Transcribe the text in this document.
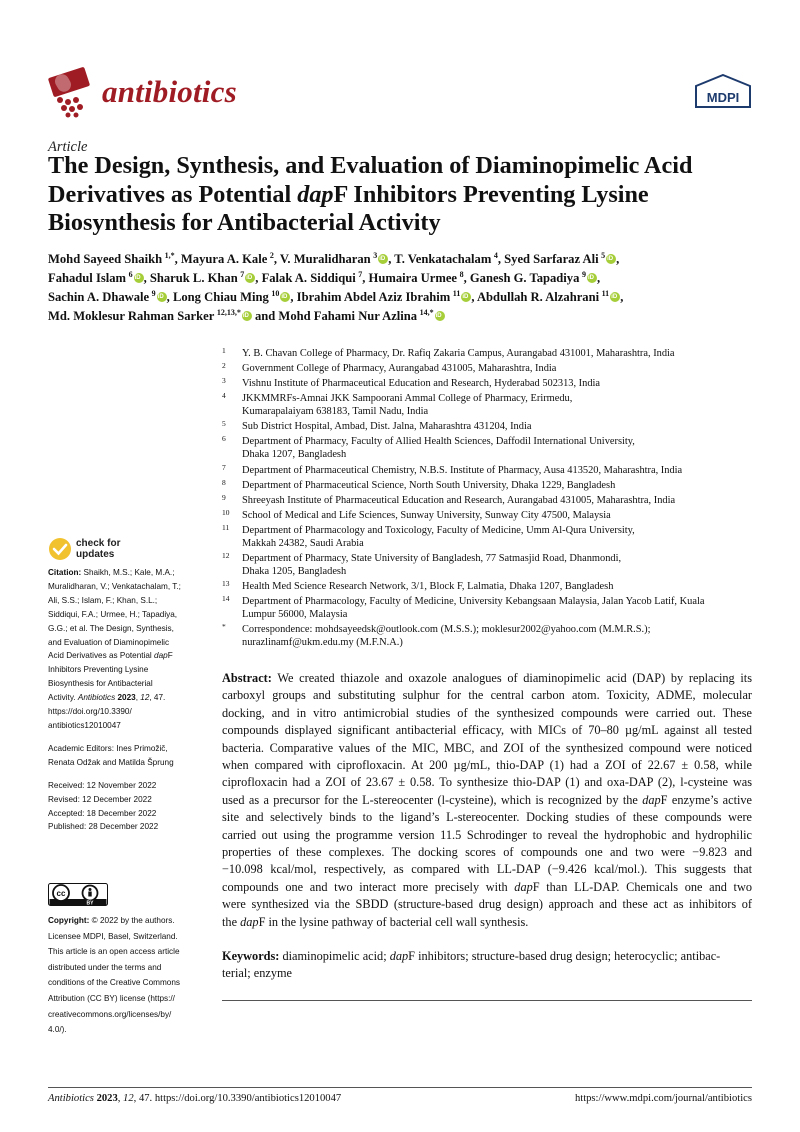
antibiotics	MDPI
Article
The Design, Synthesis, and Evaluation of Diaminopimelic Acid
Derivatives as Potential dapF Inhibitors Preventing Lysine
Biosynthesis for Antibacterial Activity
Mohd Sayeed Shaikh  $^{1,*}$, Mayura A. Kale  $^2$, V. Muralidharan  $^3$ iD , T. Venkatachalam  $^4$, Syed Sarfaraz Ali  $^5$ iD ,
Fahadul Islam  $^6$ iD , Sharuk L. Khan  $^7$ iD , Falak A. Siddiqui  $^7$, Humaira Urmee  $^8$, Ganesh G. Tapadiya  $^9$ iD ,
Sachin A. Dhawale  $^9$ iD , Long Chiau Ming  $^{10}$ iD , Ibrahim Abdel Aziz Ibrahim  $^{11}$ iD , Abdullah R. Alzahrani  $^{11}$ iD ,
Md. Moklesur Rahman Sarker  $^{12,13,*}$iD and Mohd Fahami Nur Azlina  $^{14,*}$iD
1 Y. B. Chavan College of Pharmacy, Dr. Rafiq Zakaria Campus, Aurangabad 431001, Maharashtra, India
2 Government College of Pharmacy, Aurangabad 431005, Maharashtra, India
3 Vishnu Institute of Pharmaceutical Education and Research, Hyderabad 502313, India
4 JKKMMRFs-Amnai JKK Sampoorani Ammal College of Pharmacy, Erirmedu,
Kumarapalaiyam 638183, Tamil Nadu, India
5 Sub District Hospital, Ambad, Dist. Jalna, Maharashtra 431204, India
6 Department of Pharmacy, Faculty of Allied Health Sciences, Daffodil International University,
Dhaka 1207, Bangladesh
7 Department of Pharmaceutical Chemistry, N.B.S. Institute of Pharmacy, Ausa 413520, Maharashtra, India
8 Department of Pharmaceutical Science, North South University, Dhaka 1229, Bangladesh
9 Shreeyash Institute of Pharmaceutical Education and Research, Aurangabad 431005, Maharashtra, India
10 School of Medical and Life Sciences, Sunway University, Sunway City 47500, Malaysia
11 Department of Pharmacology and Toxicology, Faculty of Medicine, Umm Al-Qura University,
Makkah 24382, Saudi Arabia
12 Department of Pharmacy, State University of Bangladesh, 77 Satmasjid Road, Dhanmondi,
Dhaka 1205, Bangladesh
13 Health Med Science Research Network, 3/1, Block F, Lalmatia, Dhaka 1207, Bangladesh
14 Department of Pharmacology, Faculty of Medicine, University Kebangsaan Malaysia, Jalan Yacob Latif, Kuala
Lumpur 56000, Malaysia
* Correspondence: mohdsayeedsk@outlook.com (M.S.S.); moklesur2002@yahoo.com (M.M.R.S.);
nurazlinamf@ukm.edu.my (M.F.N.A.)
check for
updates
Citation: Shaikh, M.S.; Kale, M.A.;
Muralidharan, V.; Venkatachalam, T.;
Ali, S.S.; Islam, F.; Khan, S.L.;
Siddiqui, F.A.; Urmee, H.; Tapadiya,
G.G.; et al. The Design, Synthesis,
and Evaluation of Diaminopimelic
Acid Derivatives as Potential dapF
Inhibitors Preventing Lysine
Biosynthesis for Antibacterial
Activity. Antibiotics 2023, 12, 47.
https://doi.org/10.3390/
antibiotics12010047
Academic Editors: Ines Primožič,
Renata Odžak and Matilda Šprung
Received: 12 November 2022
Revised: 12 December 2022
Accepted: 18 December 2022
Published: 28 December 2022
cc
BY
Copyright: © 2022 by the authors.
Licensee MDPI, Basel, Switzerland.
This article is an open access article
distributed under the terms and
conditions of the Creative Commons
Attribution (CC BY) license (https://
creativecommons.org/licenses/by/
4.0/).
Abstract: We created thiazole and oxazole analogues of diaminopimelic acid (DAP) by replacing its
carboxyl groups and substituting sulphur for the central carbon atom. Toxicity, ADME, molecular
docking, and in vitro antimicrobial studies of the synthesized compounds were carried out. These
compounds displayed significant antibacterial efficacy, with MICs of 70–80 µg/mL against all tested
bacteria. Comparative values of the MIC, MBC, and ZOI of the synthesized compound were noticed
when compared with ciprofloxacin. At 200 µg/mL, thio-DAP (1) had a ZOI of 22.67 ± 0.58, while
ciprofloxacin had a ZOI of 23.67 ± 0.58. To synthesize thio-DAP (1) and oxa-DAP (2), l-cysteine was
used as a precursor for the L-stereocenter (l-cysteine), which is recognized by the dapF enzyme’s active
site and selectively binds to the ligand’s L-stereocenter. Docking studies of these compounds were
carried out using the programme version 11.5 Schrodinger to reveal the hydrophobic and hydrophilic
properties of these complexes. The docking scores of compounds one and two were −9.823 and
−10.098 kcal/mol, respectively, as compared with LL-DAP (−9.426 kcal/mol.). This suggests that
compounds one and two interact more precisely with dapF than LL-DAP. Chemicals one and two
were synthesized via the SBDD (structure-based drug design) approach and these act as inhibitors of
the dapF in the lysine pathway of bacterial cell wall synthesis.
Keywords: diaminopimelic acid; dapF inhibitors; structure-based drug design; heterocyclic; antibac-
terial; enzyme
Antibiotics 2023, 12, 47. https://doi.org/10.3390/antibiotics12010047	https://www.mdpi.com/journal/antibiotics
